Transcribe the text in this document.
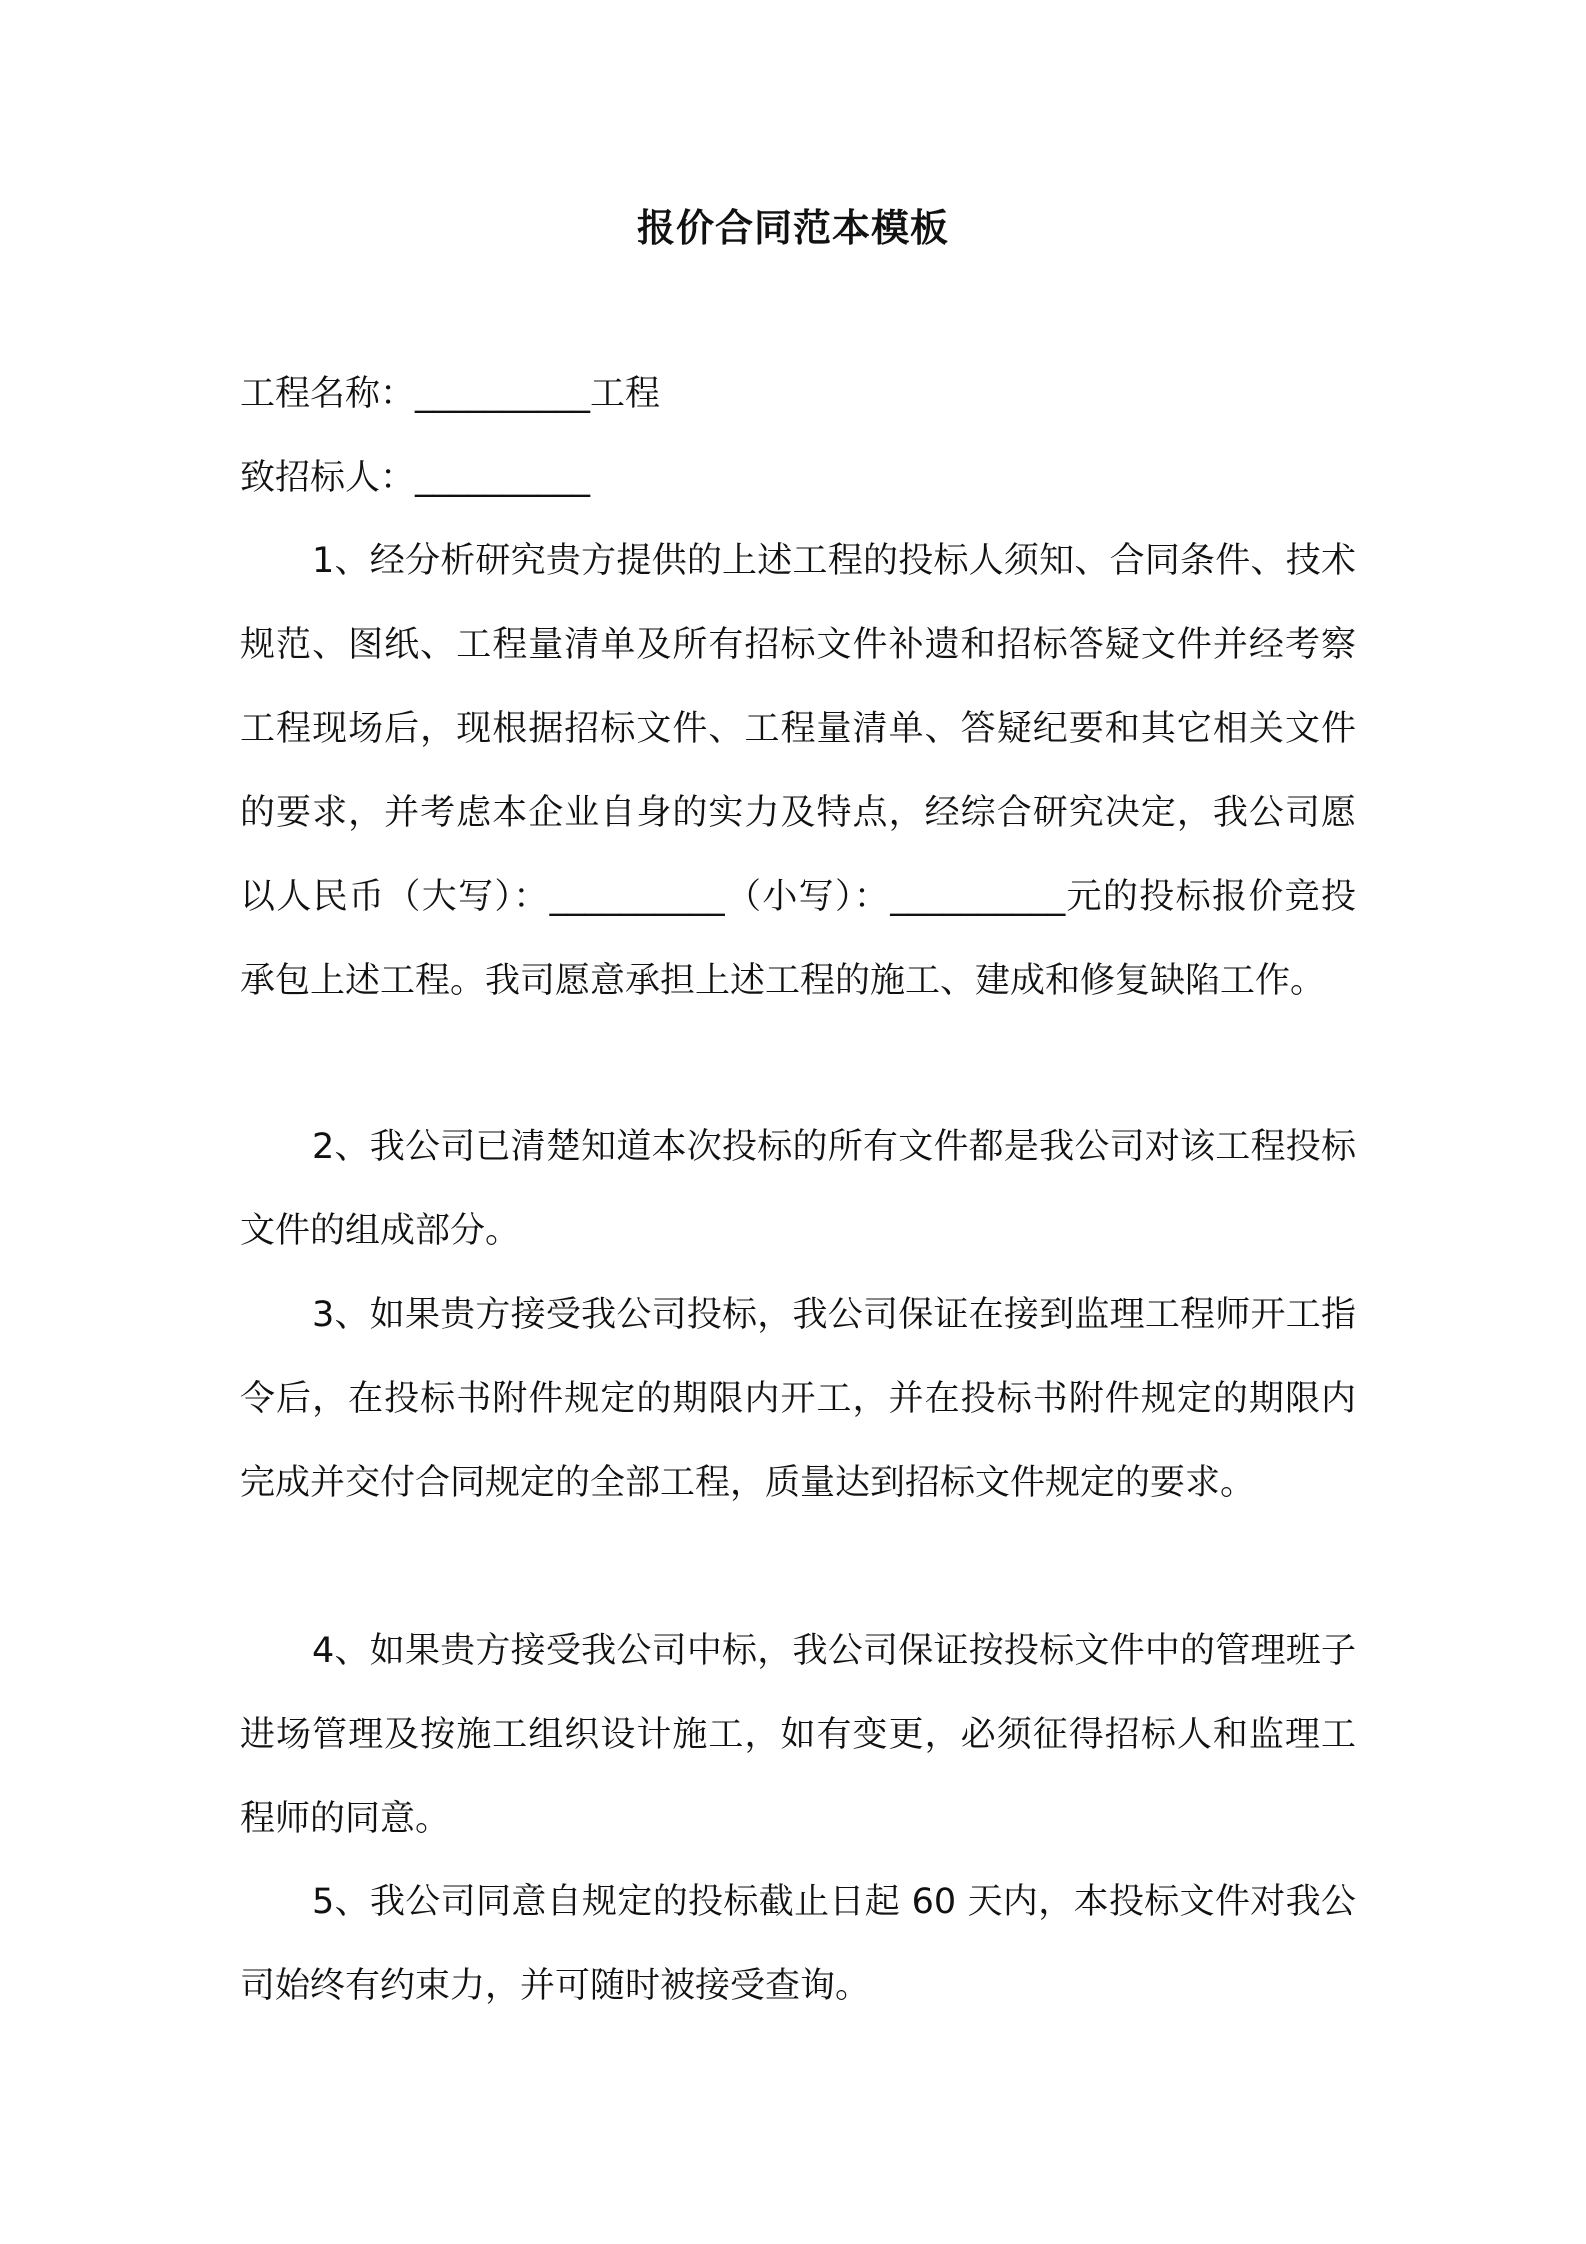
报价合同范本模板
工程名称：__________工程
致招标人：__________
1、经分析研究贵方提供的上述工程的投标人须知、合同条件、技术规范、图纸、工程量清单及所有招标文件补遗和招标答疑文件并经考察工程现场后，现根据招标文件、工程量清单、答疑纪要和其它相关文件的要求，并考虑本企业自身的实力及特点，经综合研究决定，我公司愿以人民币（大写）：__________（小写）：__________元的投标报价竞投承包上述工程。我司愿意承担上述工程的施工、建成和修复缺陷工作。
2、我公司已清楚知道本次投标的所有文件都是我公司对该工程投标文件的组成部分。
3、如果贵方接受我公司投标，我公司保证在接到监理工程师开工指令后，在投标书附件规定的期限内开工，并在投标书附件规定的期限内完成并交付合同规定的全部工程，质量达到招标文件规定的要求。
4、如果贵方接受我公司中标，我公司保证按投标文件中的管理班子进场管理及按施工组织设计施工，如有变更，必须征得招标人和监理工程师的同意。
5、我公司同意自规定的投标截止日起 60 天内，本投标文件对我公司始终有约束力，并可随时被接受查询。
